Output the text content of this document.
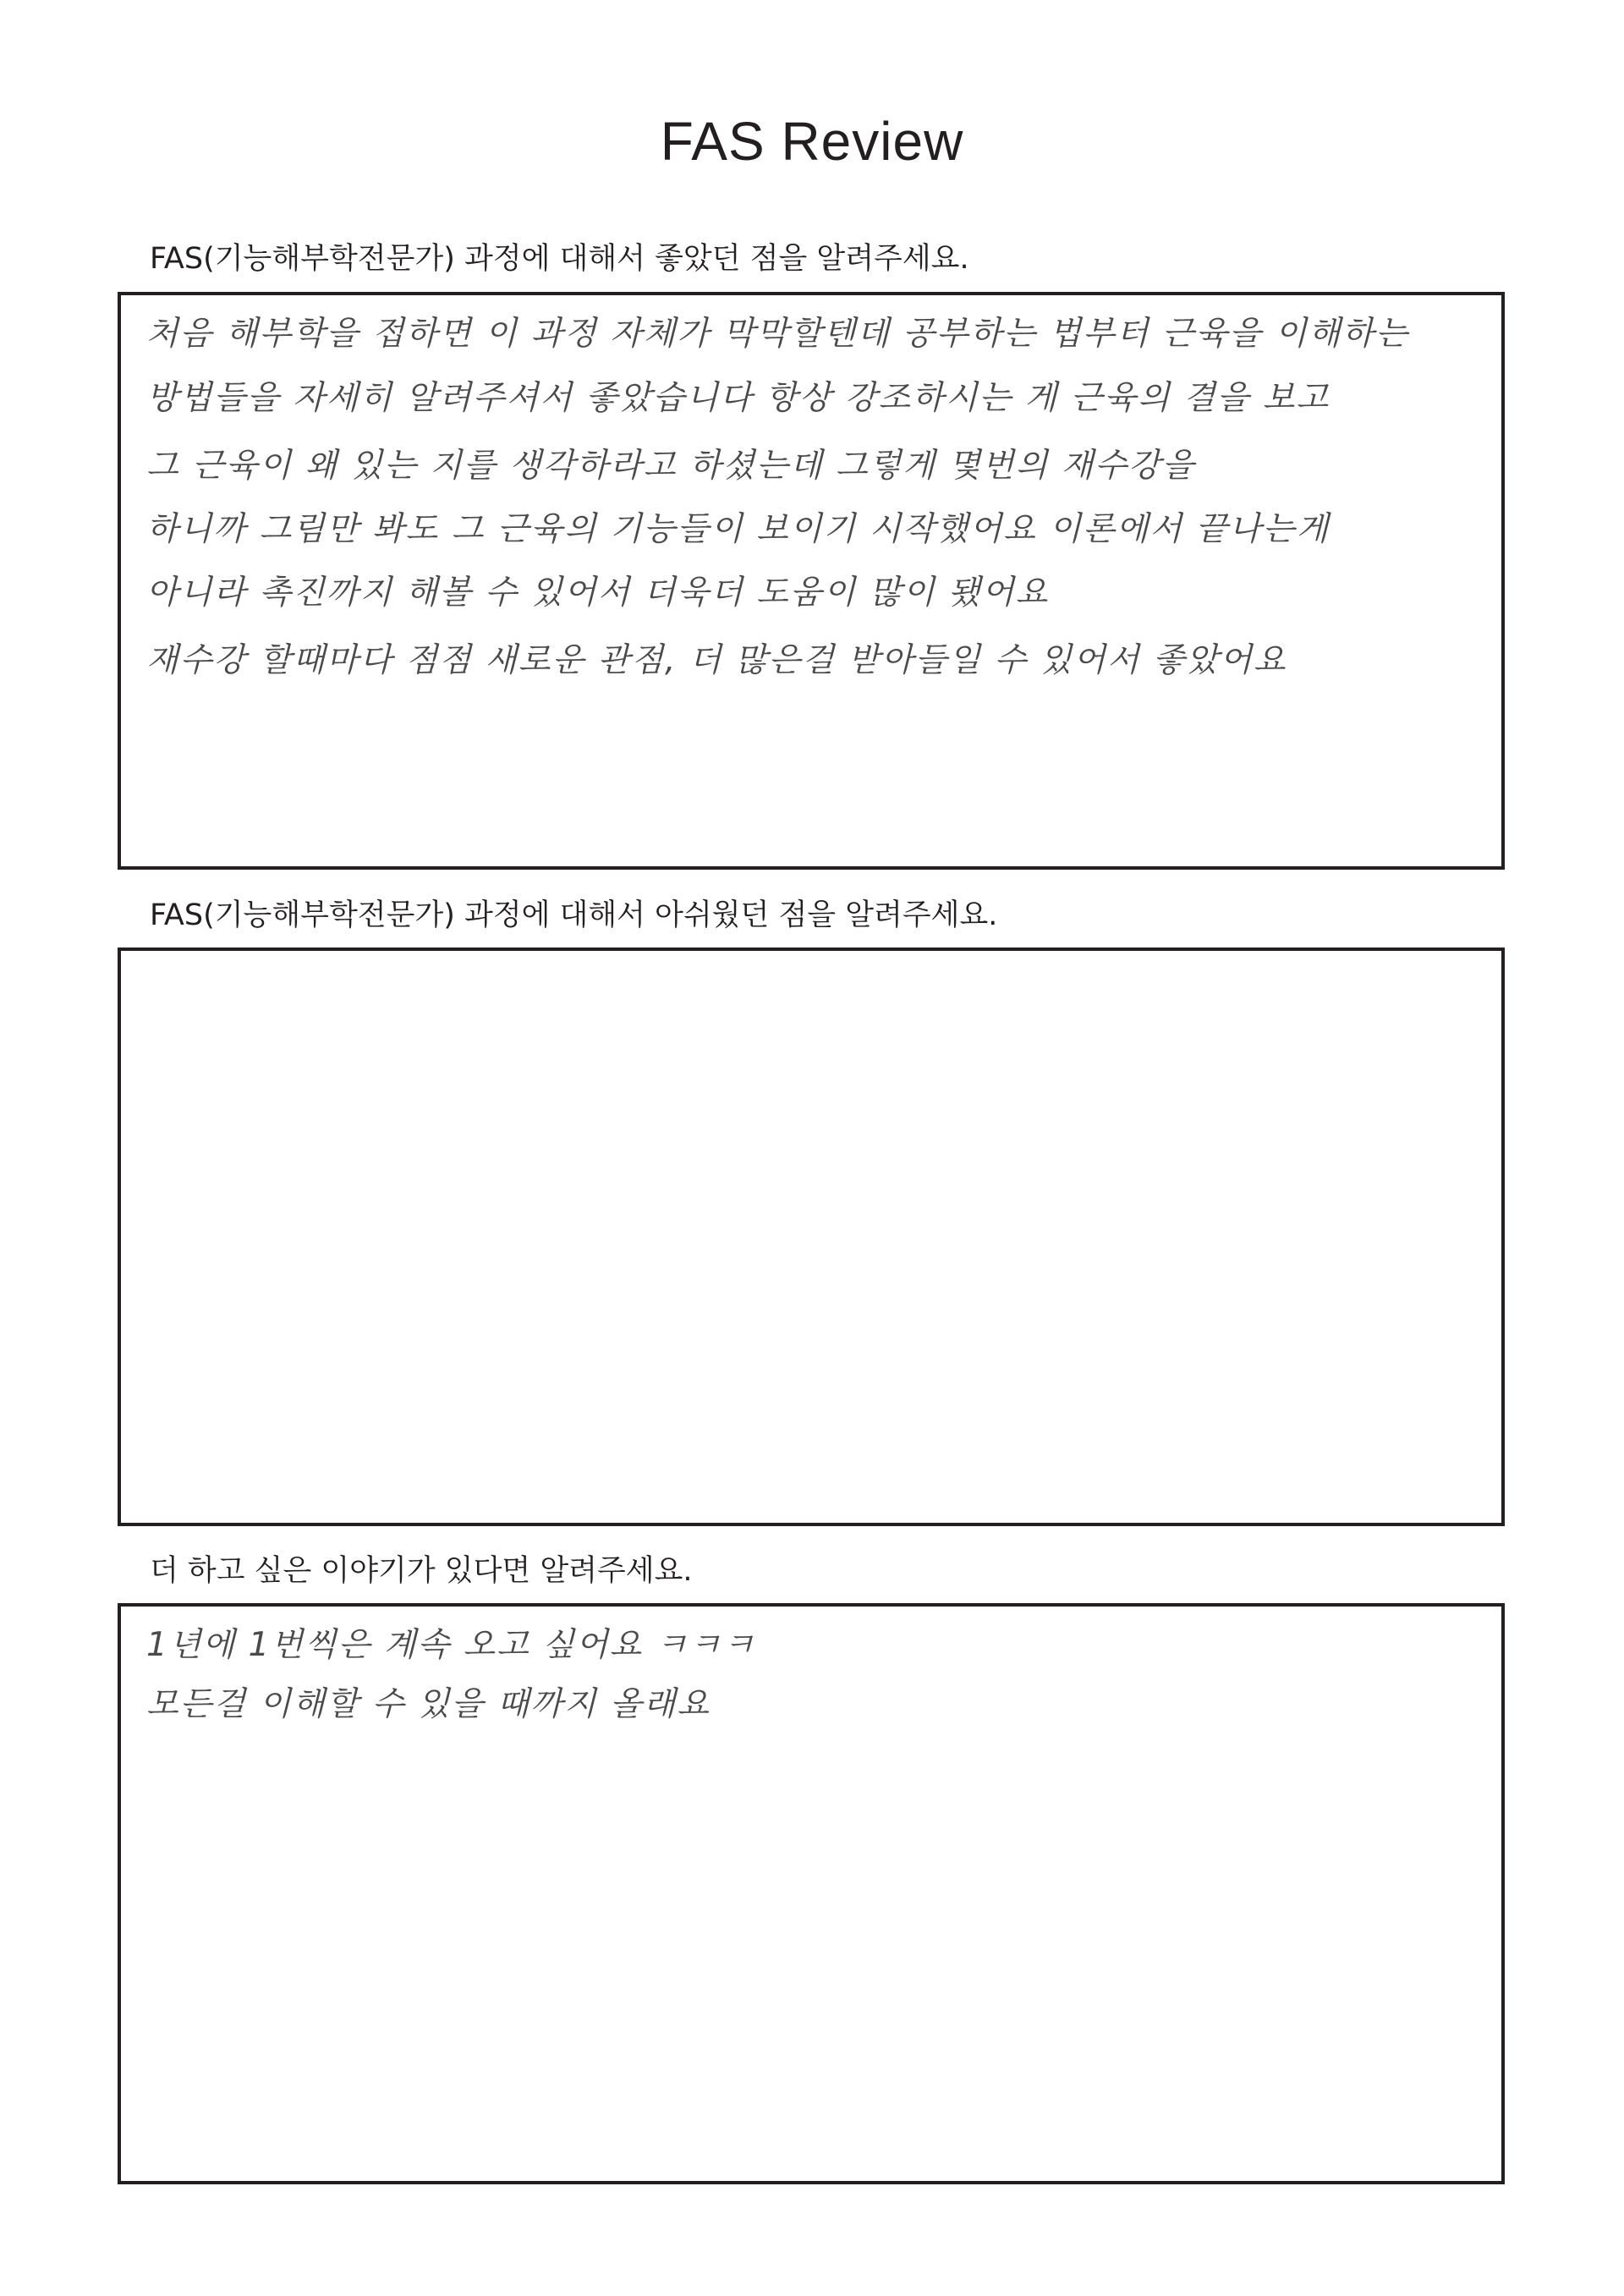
FAS Review
FAS(기능해부학전문가) 과정에 대해서 좋았던 점을 알려주세요.
처음 해부학을 접하면 이 과정 자체가 막막할텐데 공부하는 법부터 근육을 이해하는
방법들을 자세히 알려주셔서 좋았습니다 항상 강조하시는 게 근육의 결을 보고
그 근육이 왜 있는 지를 생각하라고 하셨는데 그렇게 몇번의 재수강을
하니까 그림만 봐도 그 근육의 기능들이 보이기 시작했어요 이론에서 끝나는게
아니라 촉진까지 해볼 수 있어서 더욱더 도움이 많이 됐어요
재수강 할때마다 점점 새로운 관점, 더 많은걸 받아들일 수 있어서 좋았어요
FAS(기능해부학전문가) 과정에 대해서 아쉬웠던 점을 알려주세요.
더 하고 싶은 이야기가 있다면 알려주세요.
1년에 1번씩은 계속 오고 싶어요 ㅋㅋㅋ
모든걸 이해할 수 있을 때까지 올래요
